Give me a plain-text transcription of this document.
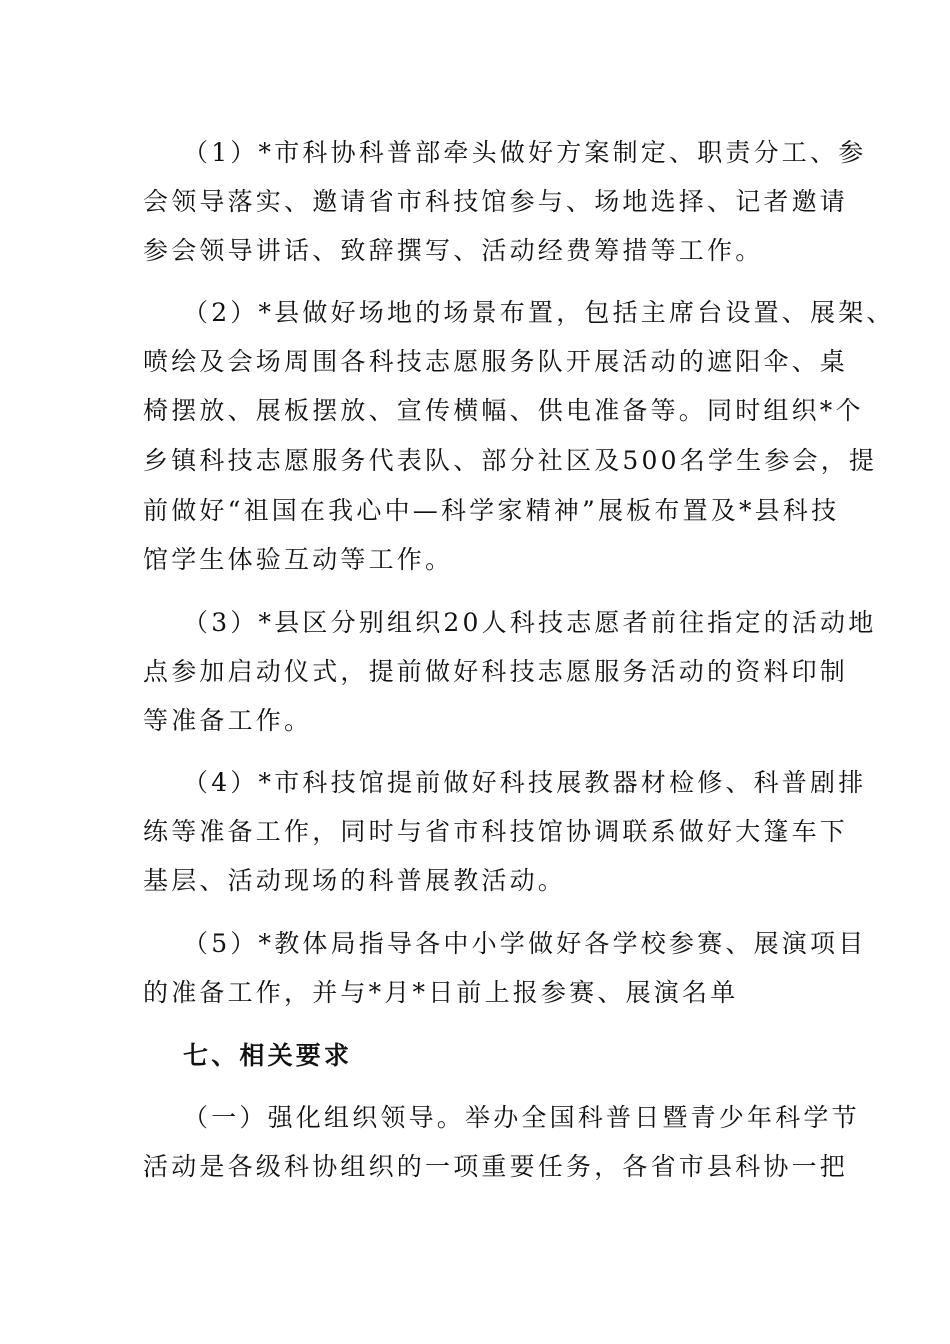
（1）*市科协科普部牵头做好方案制定、职责分工、参
会领导落实、邀请省市科技馆参与、场地选择、记者邀请
参会领导讲话、致辞撰写、活动经费筹措等工作。
（2）*县做好场地的场景布置，包括主席台设置、展架、
喷绘及会场周围各科技志愿服务队开展活动的遮阳伞、桌
椅摆放、展板摆放、宣传横幅、供电准备等。同时组织*个
乡镇科技志愿服务代表队、部分社区及500名学生参会，提
前做好“祖国在我心中—科学家精神”展板布置及*县科技
馆学生体验互动等工作。
（3）*县区分别组织20人科技志愿者前往指定的活动地
点参加启动仪式，提前做好科技志愿服务活动的资料印制
等准备工作。
（4）*市科技馆提前做好科技展教器材检修、科普剧排
练等准备工作，同时与省市科技馆协调联系做好大篷车下
基层、活动现场的科普展教活动。
（5）*教体局指导各中小学做好各学校参赛、展演项目
的准备工作，并与*月*日前上报参赛、展演名单
七、相关要求
（一）强化组织领导。举办全国科普日暨青少年科学节
活动是各级科协组织的一项重要任务，各省市县科协一把
